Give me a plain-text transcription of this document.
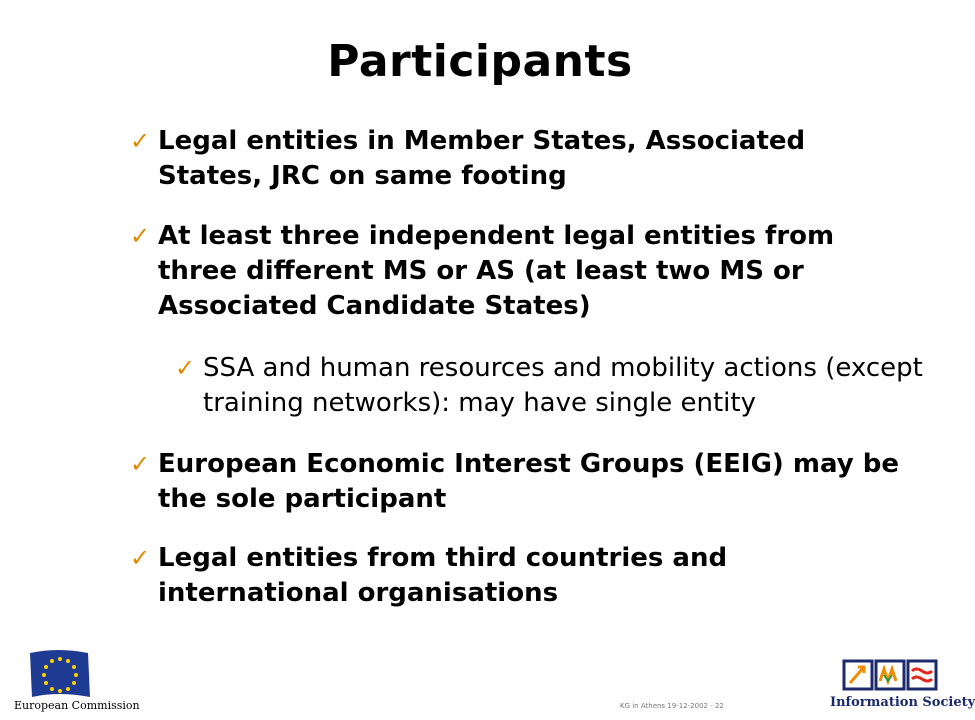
Participants
✓ Legal entities in Member States, Associated States, JRC on same footing
✓ At least three independent legal entities from three different MS or AS (at least two MS or Associated Candidate States)
✓ SSA and human resources and mobility actions (except training networks): may have single entity
✓ European Economic Interest Groups (EEIG) may be the sole participant
✓ Legal entities from third countries and international organisations
European Commission	KG in Athens 19-12-2002 - 22	Information Society
